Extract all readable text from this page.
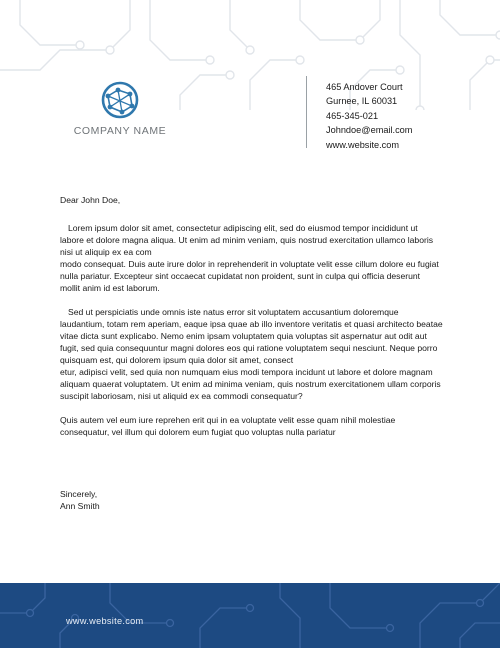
COMPANY NAME
465 Andover Court
Gurnee, IL 60031
465-345-021
Johndoe@email.com
www.website.com
Dear John Doe,
Lorem ipsum dolor sit amet, consectetur adipiscing elit, sed do eiusmod tempor incididunt ut
labore et dolore magna aliqua. Ut enim ad minim veniam, quis nostrud exercitation ullamco laboris
nisi ut aliquip ex ea com
modo consequat. Duis aute irure dolor in reprehenderit in voluptate velit esse cillum dolore eu fugiat
nulla pariatur. Excepteur sint occaecat cupidatat non proident, sunt in culpa qui officia deserunt
mollit anim id est laborum.
Sed ut perspiciatis unde omnis iste natus error sit voluptatem accusantium doloremque
laudantium, totam rem aperiam, eaque ipsa quae ab illo inventore veritatis et quasi architecto beatae
vitae dicta sunt explicabo. Nemo enim ipsam voluptatem quia voluptas sit aspernatur aut odit aut
fugit, sed quia consequuntur magni dolores eos qui ratione voluptatem sequi nesciunt. Neque porro
quisquam est, qui dolorem ipsum quia dolor sit amet, consect
etur, adipisci velit, sed quia non numquam eius modi tempora incidunt ut labore et dolore magnam
aliquam quaerat voluptatem. Ut enim ad minima veniam, quis nostrum exercitationem ullam corporis
suscipit laboriosam, nisi ut aliquid ex ea commodi consequatur?
Quis autem vel eum iure reprehen erit qui in ea voluptate velit esse quam nihil molestiae
consequatur, vel illum qui dolorem eum fugiat quo voluptas nulla pariatur
Sincerely,
Ann Smith
www.website.com
